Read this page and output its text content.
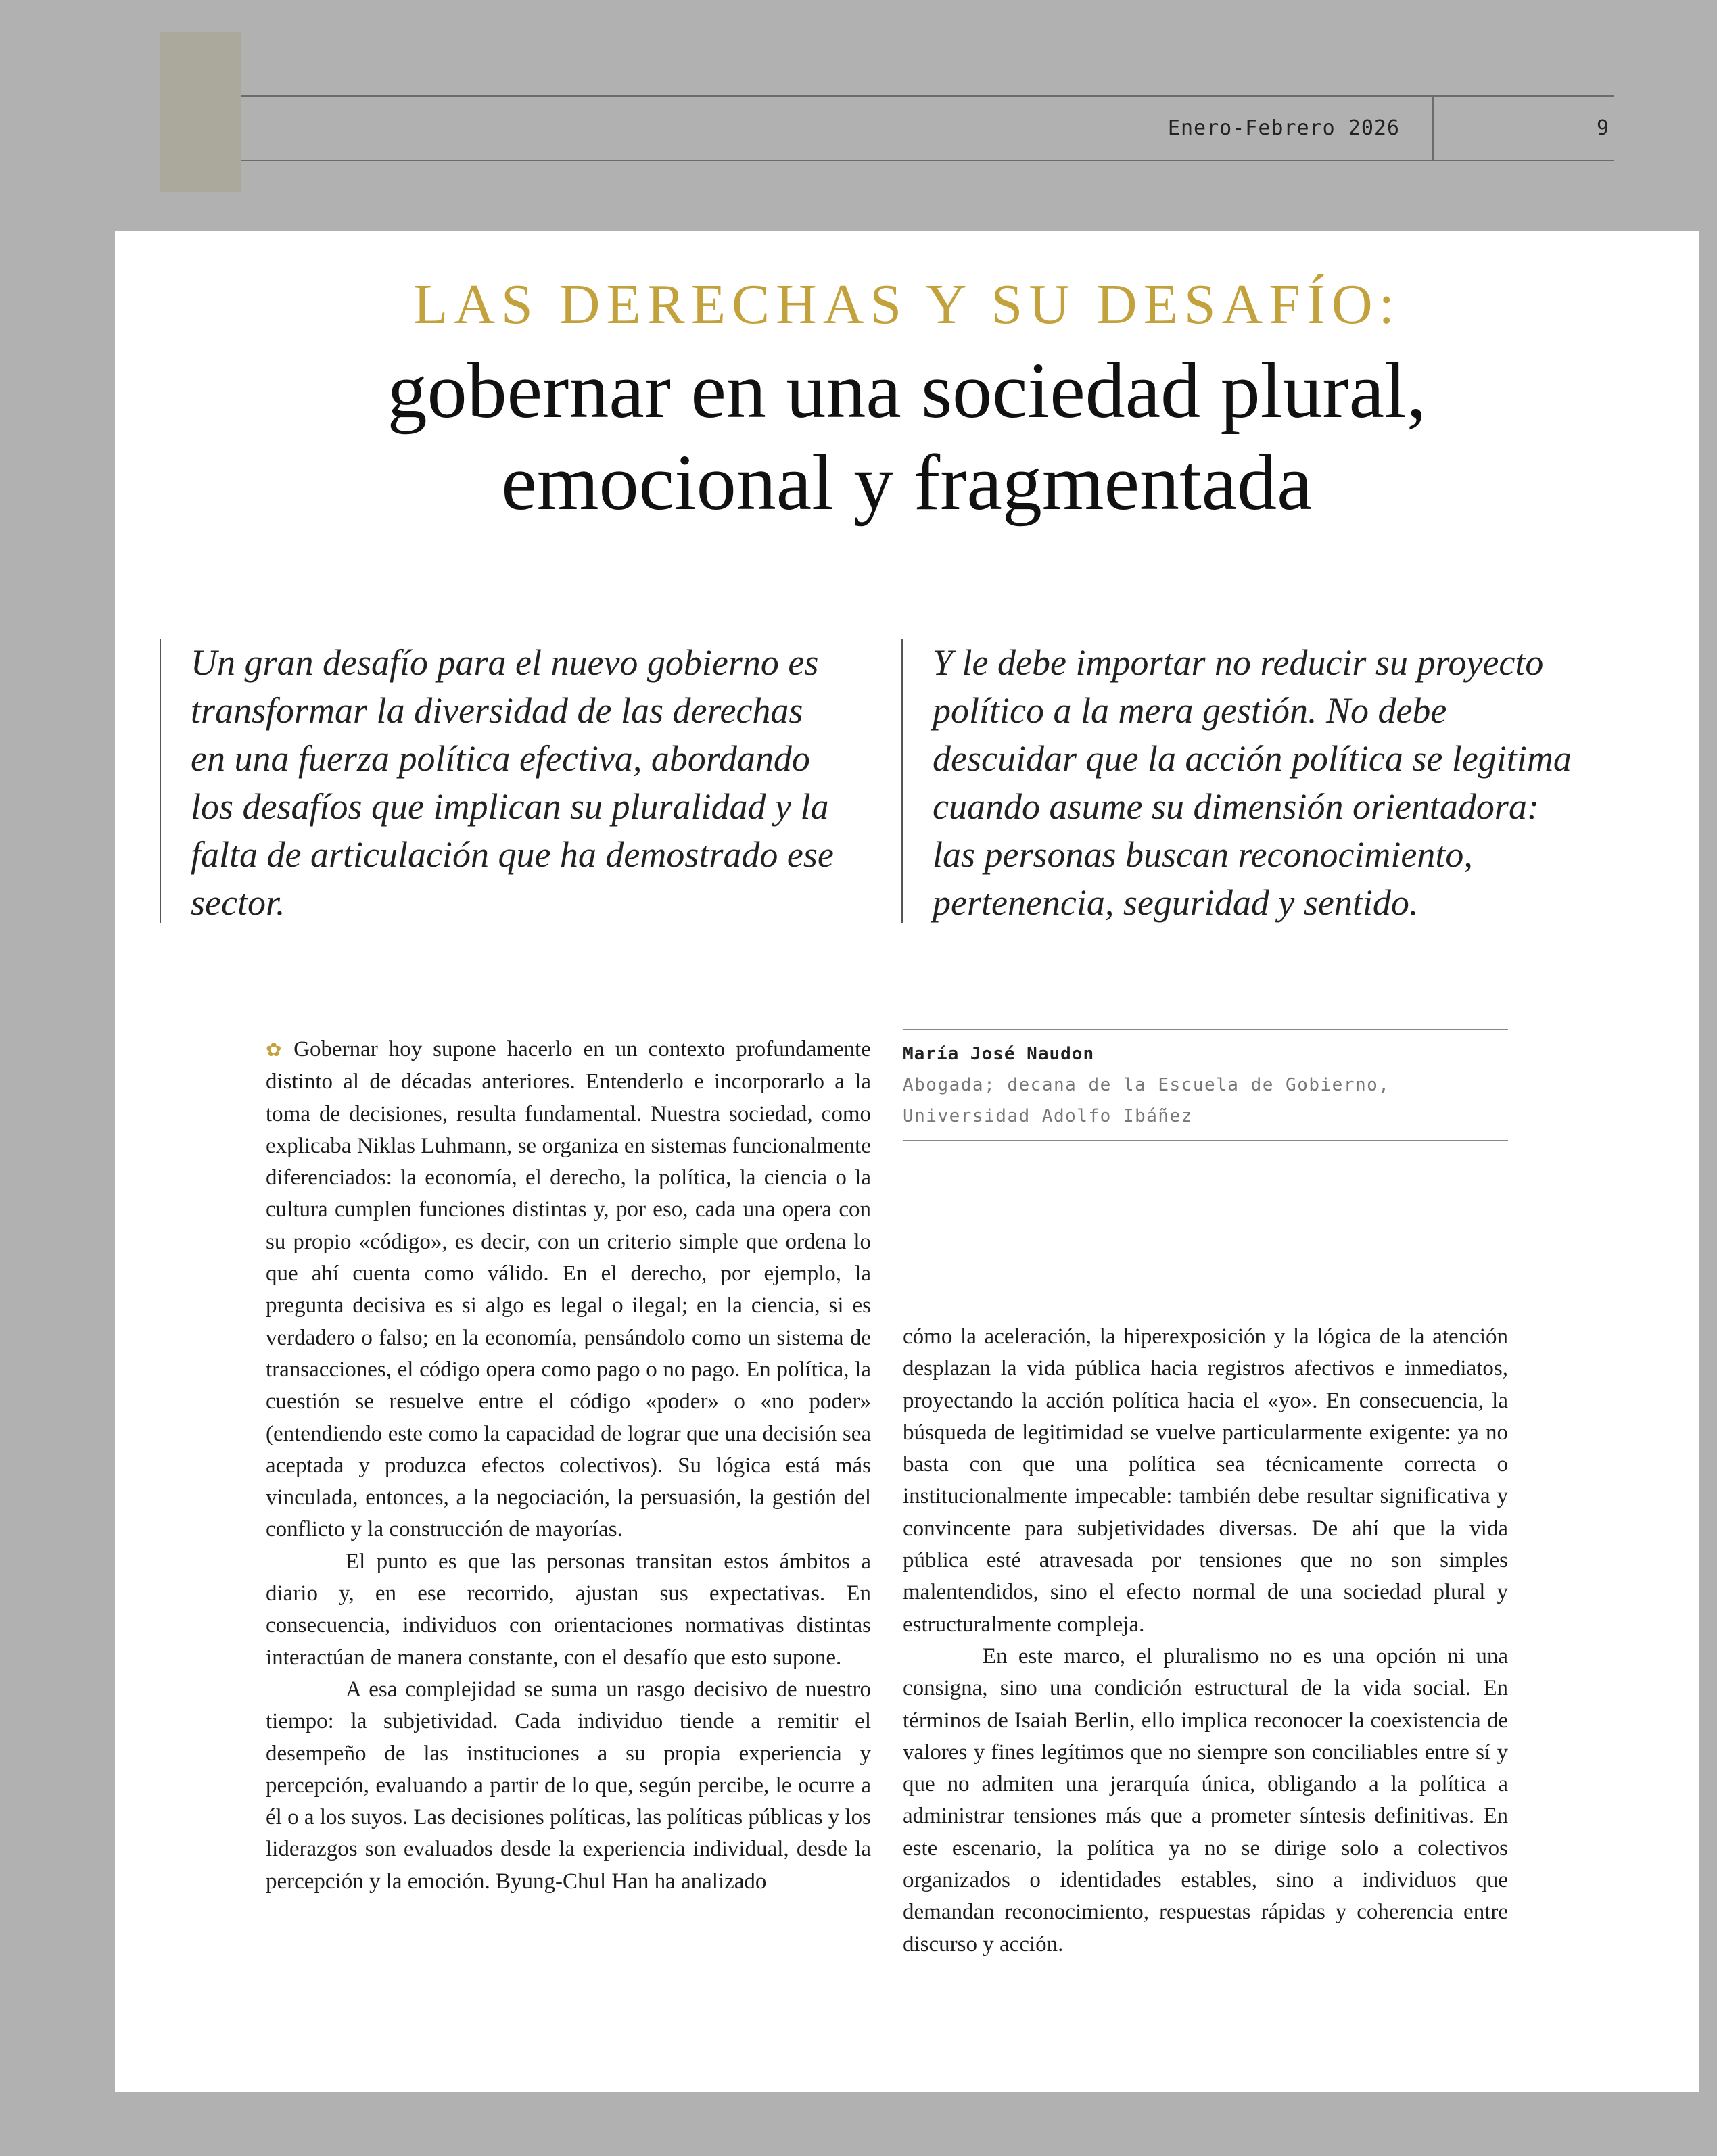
Enero-Febrero 2026	9
LAS DERECHAS Y SU DESAFÍO:
gobernar en una sociedad plural,
emocional y fragmentada
Un gran desafío para el nuevo gobierno es transformar la diversidad de las derechas en una fuerza política efectiva, abordando los desafíos que implican su pluralidad y la falta de articulación que ha demostrado ese sector.
Y le debe importar no reducir su proyecto político a la mera gestión. No debe descuidar que la acción política se legitima cuando asume su dimensión orientadora: las personas buscan reconocimiento, pertenencia, seguridad y sentido.

✿ Gobernar hoy supone hacerlo en un contexto profundamente distinto al de décadas anteriores. Entenderlo e incorporarlo a la toma de decisiones, resulta fundamental. Nuestra sociedad, como explicaba Niklas Luhmann, se organiza en sistemas funcionalmente diferenciados: la economía, el derecho, la política, la ciencia o la cultura cumplen funciones distintas y, por eso, cada una opera con su propio «código», es decir, con un criterio simple que ordena lo que ahí cuenta como válido. En el derecho, por ejemplo, la pregunta decisiva es si algo es legal o ilegal; en la ciencia, si es verdadero o falso; en la economía, pensándolo como un sistema de transacciones, el código opera como pago o no pago. En política, la cuestión se resuelve entre el código «poder» o «no poder» (entendiendo este como la capacidad de lograr que una decisión sea aceptada y produzca efectos colectivos). Su lógica está más vinculada, entonces, a la negociación, la persuasión, la gestión del conflicto y la construcción de mayorías.

El punto es que las personas transitan estos ámbitos a diario y, en ese recorrido, ajustan sus expectativas. En consecuencia, individuos con orientaciones normativas distintas interactúan de manera constante, con el desafío que esto supone.

A esa complejidad se suma un rasgo decisivo de nuestro tiempo: la subjetividad. Cada individuo tiende a remitir el desempeño de las instituciones a su propia experiencia y percepción, evaluando a partir de lo que, según percibe, le ocurre a él o a los suyos. Las decisiones políticas, las políticas públicas y los liderazgos son evaluados desde la experiencia individual, desde la percepción y la emoción. Byung-Chul Han ha analizado

María José Naudon
Abogada; decana de la Escuela de Gobierno,
Universidad Adolfo Ibáñez

cómo la aceleración, la hiperexposición y la lógica de la atención desplazan la vida pública hacia registros afectivos e inmediatos, proyectando la acción política hacia el «yo». En consecuencia, la búsqueda de legitimidad se vuelve particularmente exigente: ya no basta con que una política sea técnicamente correcta o institucionalmente impecable: también debe resultar significativa y convincente para subjetividades diversas. De ahí que la vida pública esté atravesada por tensiones que no son simples malentendidos, sino el efecto normal de una sociedad plural y estructuralmente compleja.

En este marco, el pluralismo no es una opción ni una consigna, sino una condición estructural de la vida social. En términos de Isaiah Berlin, ello implica reconocer la coexistencia de valores y fines legítimos que no siempre son conciliables entre sí y que no admiten una jerarquía única, obligando a la política a administrar tensiones más que a prometer síntesis definitivas. En este escenario, la política ya no se dirige solo a colectivos organizados o identidades estables, sino a individuos que demandan reconocimiento, respuestas rápidas y coherencia entre discurso y acción.
